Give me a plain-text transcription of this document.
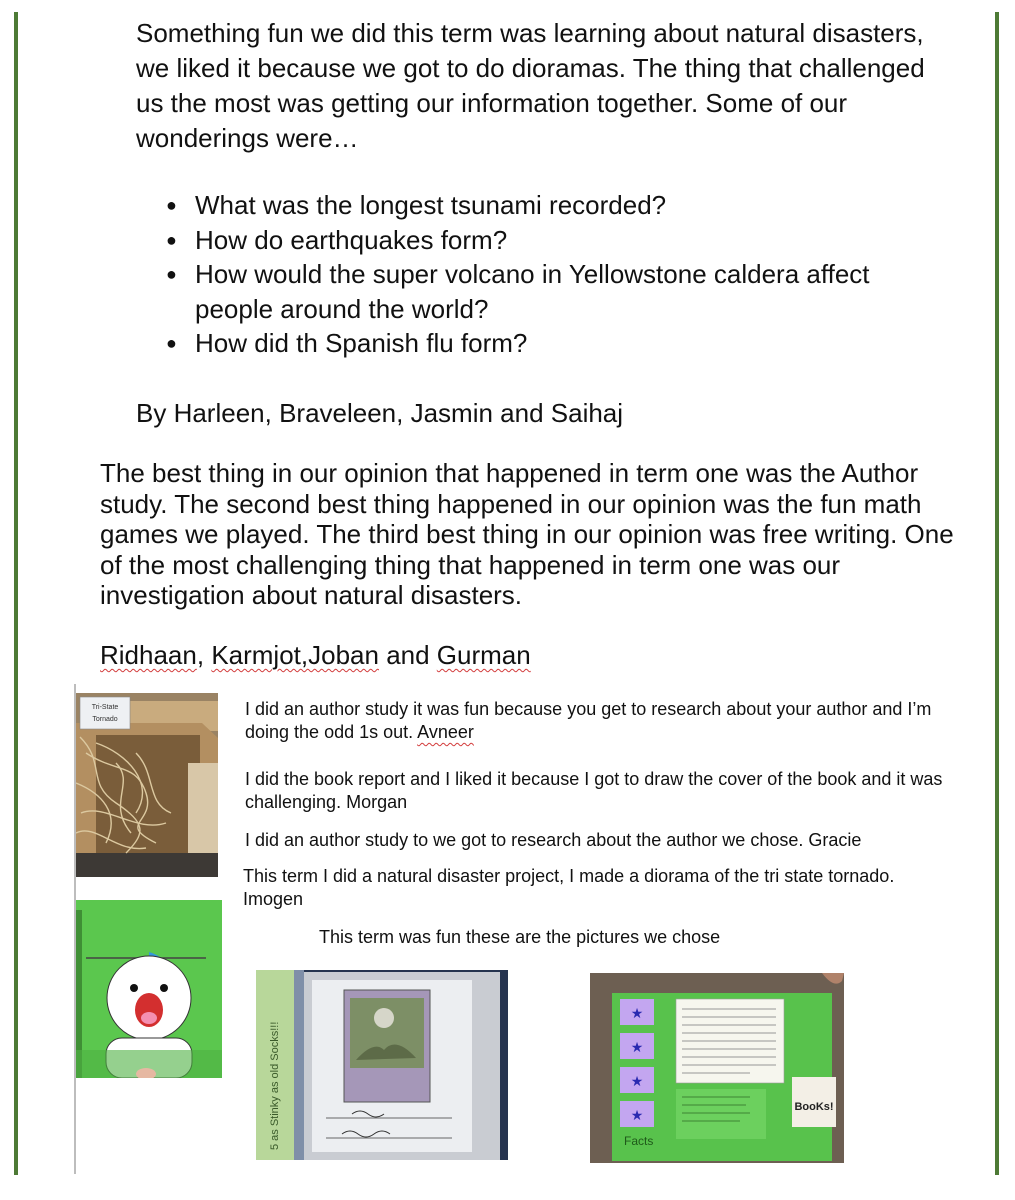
Something fun we did this term was learning about natural disasters, we liked it because we got to do dioramas. The thing that challenged us the most was getting our information together. Some of our wonderings were…

● What was the longest tsunami recorded?
● How do earthquakes form?
● How would the super volcano in Yellowstone caldera affect people around the world?
● How did th Spanish flu form?

By Harleen, Braveleen, Jasmin and Saihaj

The best thing in our opinion that happened in term one was the Author study. The second best thing happened in our opinion was the fun math games we played. The third best thing in our opinion was free writing. One of the most challenging thing that happened in term one was our investigation about natural disasters.

Ridhaan, Karmjot,Joban and Gurman

I did an author study it was fun because you get to research about your author and I’m doing the odd 1s out. Avneer

I did the book report and I liked it because I got to draw the cover of the book and it was challenging. Morgan

I did an author study to we got to research about the author we chose. Gracie

This term I did a natural disaster project, I made a diorama of the tri state tornado. Imogen

This term was fun these are the pictures we chose

Tri-State
Tornado
5 as Stinky as old Socks!!!
★
★
★
★
Facts
BooKs!
